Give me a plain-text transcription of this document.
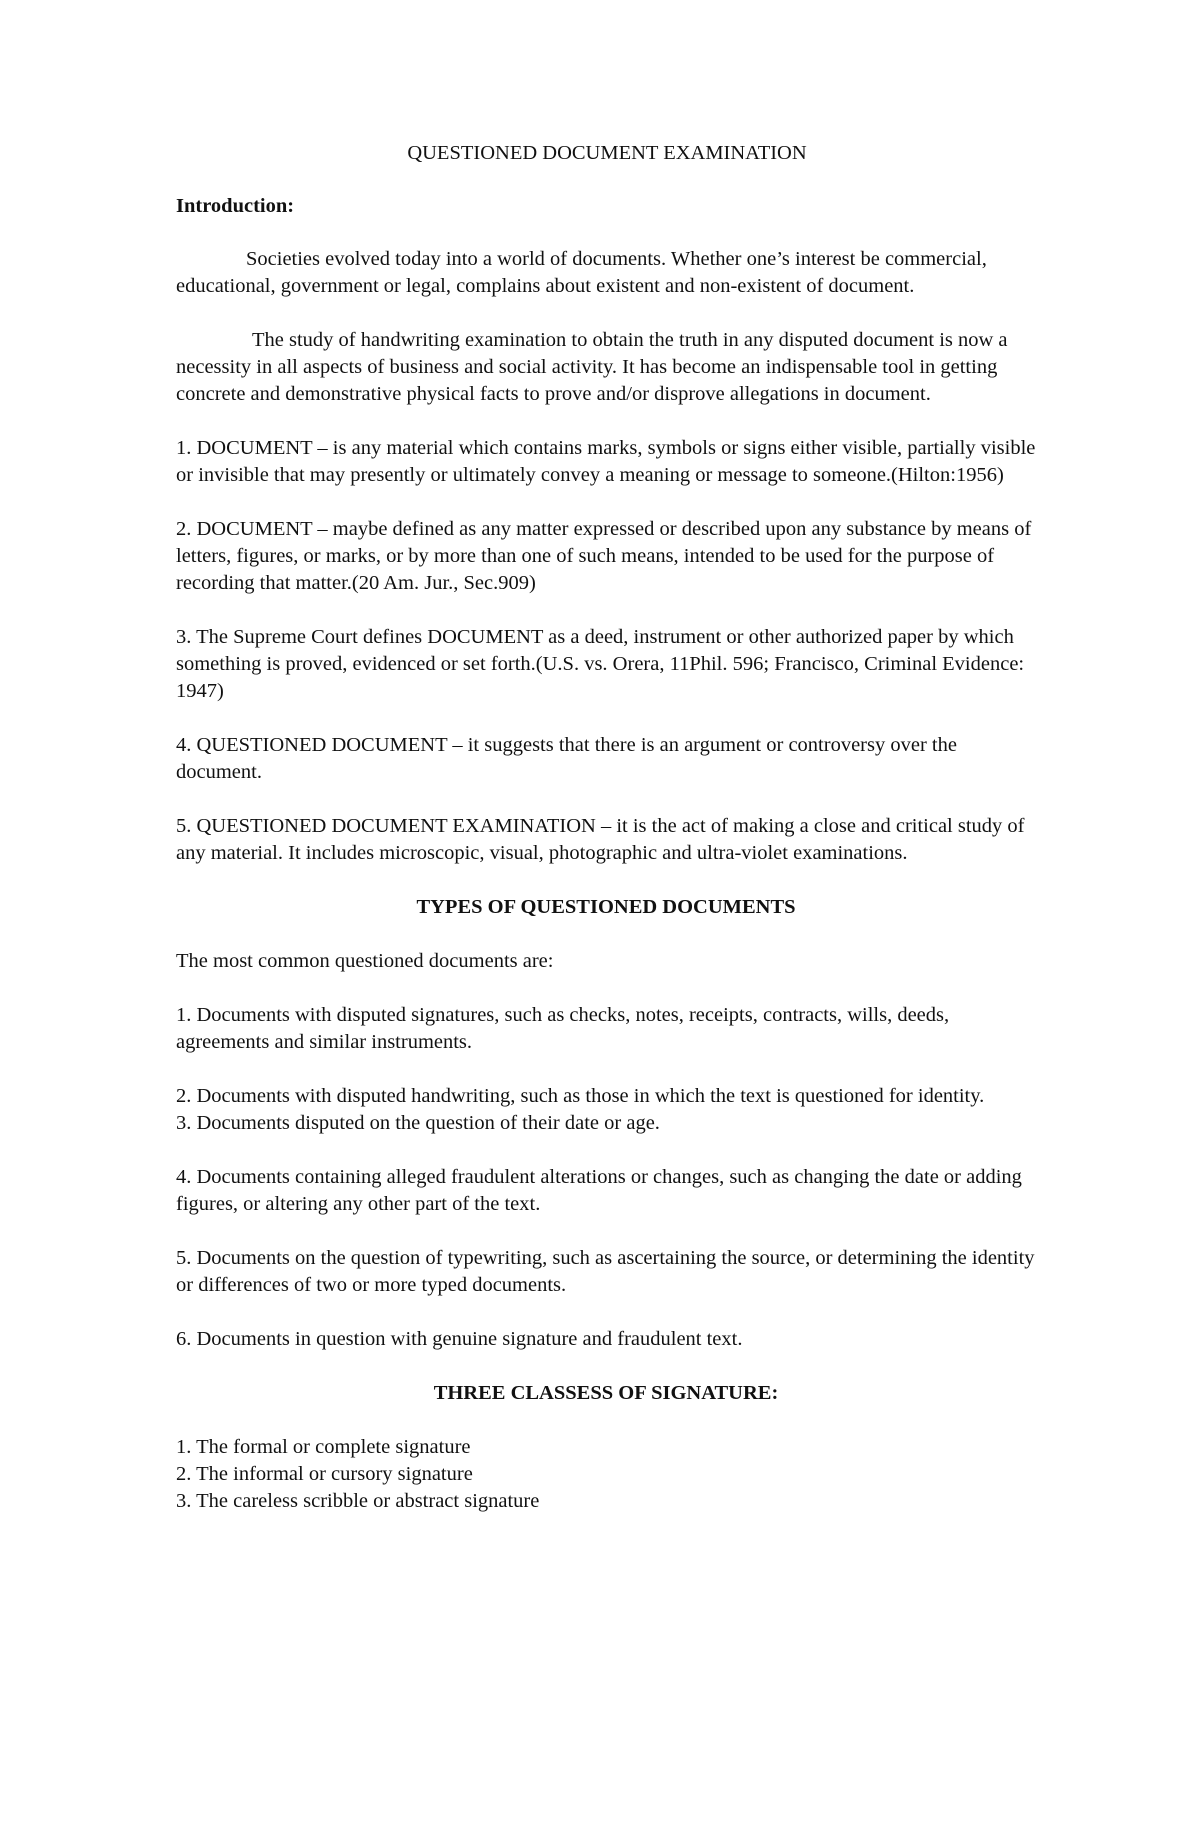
QUESTIONED DOCUMENT EXAMINATION
Introduction:

Societies evolved today into a world of documents. Whether one’s interest be commercial, educational, government or legal, complains about existent and non-existent of document.

The study of handwriting examination to obtain the truth in any disputed document is now a necessity in all aspects of business and social activity. It has become an indispensable tool in getting concrete and demonstrative physical facts to prove and/or disprove allegations in document.

1. DOCUMENT – is any material which contains marks, symbols or signs either visible, partially visible or invisible that may presently or ultimately convey a meaning or message to someone.(Hilton:1956)

2. DOCUMENT – maybe defined as any matter expressed or described upon any substance by means of letters, figures, or marks, or by more than one of such means, intended to be used for the purpose of recording that matter.(20 Am. Jur., Sec.909)

3. The Supreme Court defines DOCUMENT as a deed, instrument or other authorized paper by which something is proved, evidenced or set forth.(U.S. vs. Orera, 11Phil. 596; Francisco, Criminal Evidence: 1947)

4. QUESTIONED DOCUMENT – it suggests that there is an argument or controversy over the document.

5. QUESTIONED DOCUMENT EXAMINATION – it is the act of making a close and critical study of any material. It includes microscopic, visual, photographic and ultra-violet examinations.

TYPES OF QUESTIONED DOCUMENTS

The most common questioned documents are:

1. Documents with disputed signatures, such as checks, notes, receipts, contracts, wills, deeds, agreements and similar instruments.

2. Documents with disputed handwriting, such as those in which the text is questioned for identity.

3. Documents disputed on the question of their date or age.

4. Documents containing alleged fraudulent alterations or changes, such as changing the date or adding figures, or altering any other part of the text.

5. Documents on the question of typewriting, such as ascertaining the source, or determining the identity or differences of two or more typed documents.

6. Documents in question with genuine signature and fraudulent text.

THREE CLASSESS OF SIGNATURE:

1. The formal or complete signature

2. The informal or cursory signature

3. The careless scribble or abstract signature
